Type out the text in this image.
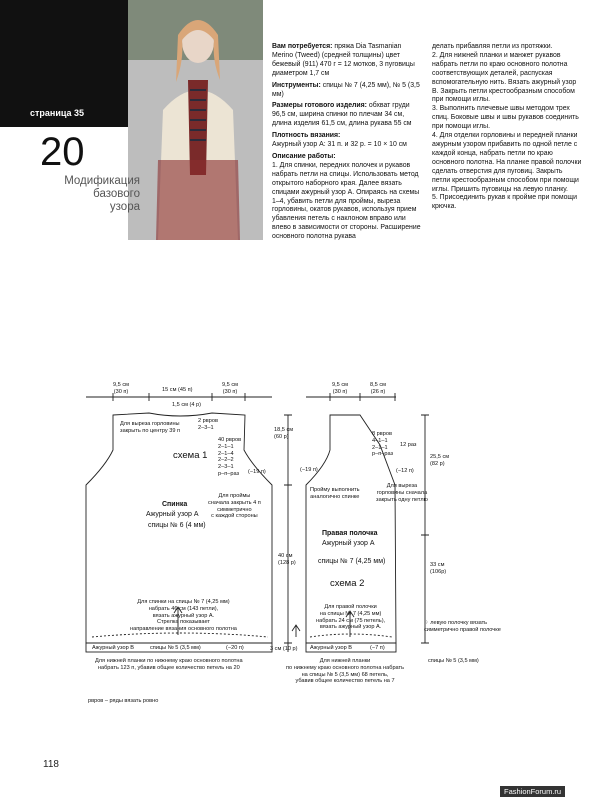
страница 35
20
Модификация
базового
узора

Вам потребуется: пряжа Dia Tasmanian Merino (Tweed) (средней толщины) цвет бежевый (911) 470 г = 12 мотков, 3 пуговицы диаметром 1,7 см

Инструменты: спицы № 7 (4,25 мм), № 5 (3,5 мм)

Размеры готового изделия: обхват груди 96,5 см, ширина спинки по плечам 34 см, длина изделия 61,5 см, длина рукава 55 см

Плотность вязания:

Ажурный узор А: 31 п. и 32 р. = 10 × 10 см

Описание работы:

1. Для спинки, передних полочек и рукавов набрать петли на спицы. Использовать метод открытого наборного края. Далее вязать спицами ажурный узор А. Опираясь на схемы 1–4, убавить петли для проймы, выреза горловины, окатов рукавов, используя прием убавления петель с наклоном вправо или влево в зависимости от стороны. Расширение основного полотна рукава

делать прибавляя петли из протяжки.

2. Для нижней планки и манжет рукавов набрать петли по краю основного полотна соответствующих деталей, распуская вспомогательную нить. Вязать ажурный узор В. Закрыть петли крестообразным способом при помощи иглы.

3. Выполнить плечевые швы методом трех спиц. Боковые швы и швы рукавов соединить при помощи иглы.

4. Для отделки горловины и передней планки ажурным узором прибавить по одной петле с каждой конца, набрать петли по краю основного полотна. На планке правой полочки сделать отверстия для пуговиц. Закрыть петли крестообразным способом при помощи иглы. Пришить пуговицы на левую планку.

5. Присоединить рукав к пройме при помощи крючка.

9,5 см
(30 п)	15 см (45 п)
9,5 см
(30 п)
1,5 см (4 р)
2 рвров
2–3–1
Для выреза горловины
закрыть по центру 39 п
схема 1
40 рвров
2–1–1
2–1–4
2–2–2
2–3–1
р–п–раз	(−19 п)
Для проймы
сначала закрыть 4 п
симметрично
с каждой стороны
Спинка
Ажурный узор А
спицы № 6 (4 мм)
Для спинки на спицы № 7 (4,25 мм)
набрать 46 см (143 петли),
вязать ажурный узор А.
Стрелка показывает
направление вязания основного полотна
Ажурный узор В	спицы № 5 (3,5 мм)	(−20 п)
Для нижней планки по нижнему краю основного полотна
набрать 123 п, убавив общее количество петель на 20
18,5 см
(60 р)
40 см
(128 р)
3 см (10 р)
9,5 см
(30 п)
8,5 см
(26 п)
8 рвров
4–1–1
2–1–1
р–п–раз
12 раз
(−12 п)
Для выреза
горловины сначала
закрыть одну петлю
(−19 п)
Пройму выполнить
аналогично спинке
Правая полочка
Ажурный узор А
спицы № 7 (4,25 мм)
схема 2
Для правой полочки
на спицы № 7 (4,25 мм)
набрать 24 см (75 петель),
вязать ажурный узор А.
Ажурный узор В	(−7 п)
Для нижней планки
по нижнему краю основного полотна набрать
на спицы № 5 (3,5 мм) 68 петель,
убавив общее количество петель на 7
25,5 см
(82 р)
33 см
(106р)
⁘ левую полочку вязать
симметрично правой полочке
спицы № 5 (3,5 мм)
рвров – ряды вязать ровно
118
FashionForum.ru
